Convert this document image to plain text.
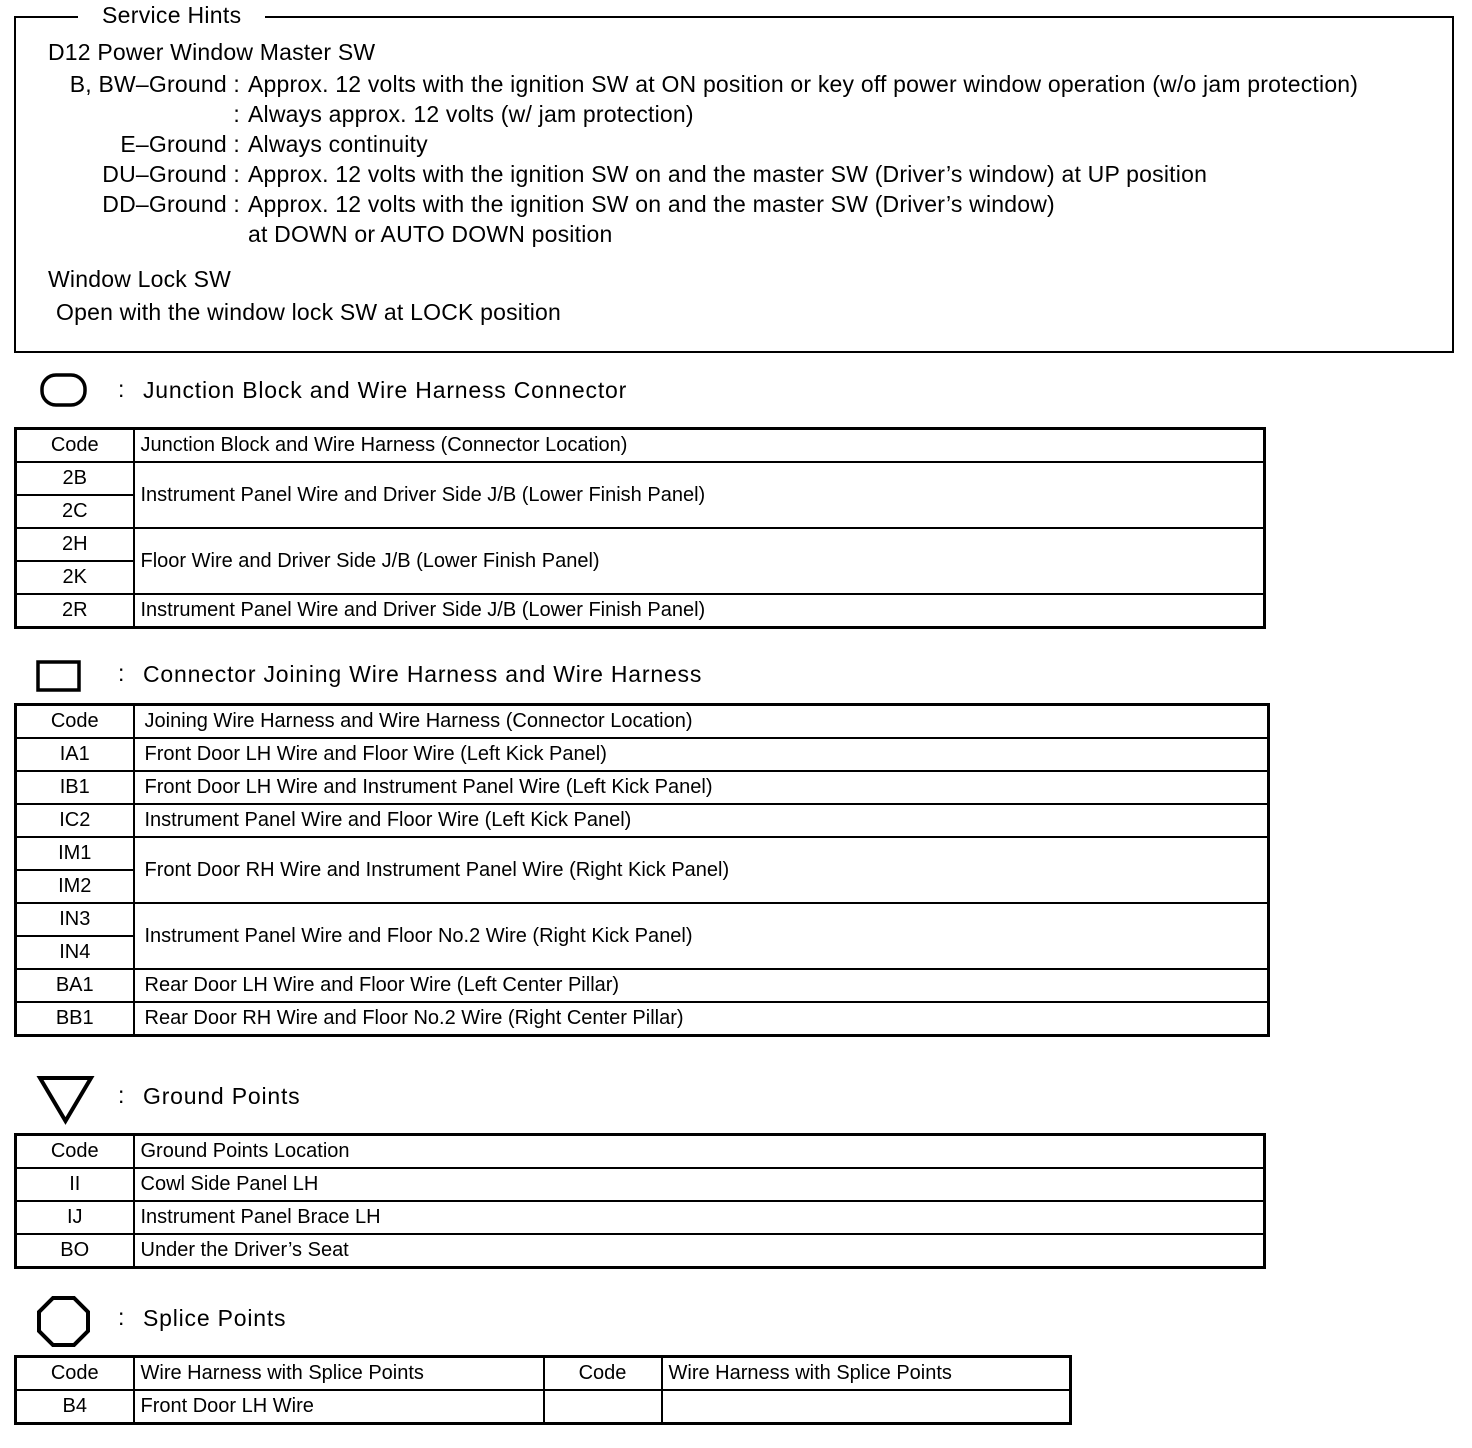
Service Hints
D12 Power Window Master SW
B, BW–Ground : Approx. 12 volts with the ignition SW at ON position or key off power window operation (w/o jam protection)
: Always approx. 12 volts (w/ jam protection)
E–Ground : Always continuity
DU–Ground : Approx. 12 volts with the ignition SW on and the master SW (Driver’s window) at UP position
DD–Ground : Approx. 12 volts with the ignition SW on and the master SW (Driver’s window)
at DOWN or AUTO DOWN position
Window Lock SW
Open with the window lock SW at LOCK position
: Junction Block and Wire Harness Connector
Code	Junction Block and Wire Harness (Connector Location)
2B	Instrument Panel Wire and Driver Side J/B (Lower Finish Panel)
2C	
2H	Floor Wire and Driver Side J/B (Lower Finish Panel)
2K	
2R	Instrument Panel Wire and Driver Side J/B (Lower Finish Panel)
: Connector Joining Wire Harness and Wire Harness
Code	Joining Wire Harness and Wire Harness (Connector Location)
IA1	Front Door LH Wire and Floor Wire (Left Kick Panel)
IB1	Front Door LH Wire and Instrument Panel Wire (Left Kick Panel)
IC2	Instrument Panel Wire and Floor Wire (Left Kick Panel)
IM1	Front Door RH Wire and Instrument Panel Wire (Right Kick Panel)
IM2	
IN3	Instrument Panel Wire and Floor No.2 Wire (Right Kick Panel)
IN4	
BA1	Rear Door LH Wire and Floor Wire (Left Center Pillar)
BB1	Rear Door RH Wire and Floor No.2 Wire (Right Center Pillar)
: Ground Points
Code	Ground Points Location
II	Cowl Side Panel LH
IJ	Instrument Panel Brace LH
BO	Under the Driver’s Seat
: Splice Points
Code	Wire Harness with Splice Points	Code	Wire Harness with Splice Points
B4	Front Door LH Wire		
